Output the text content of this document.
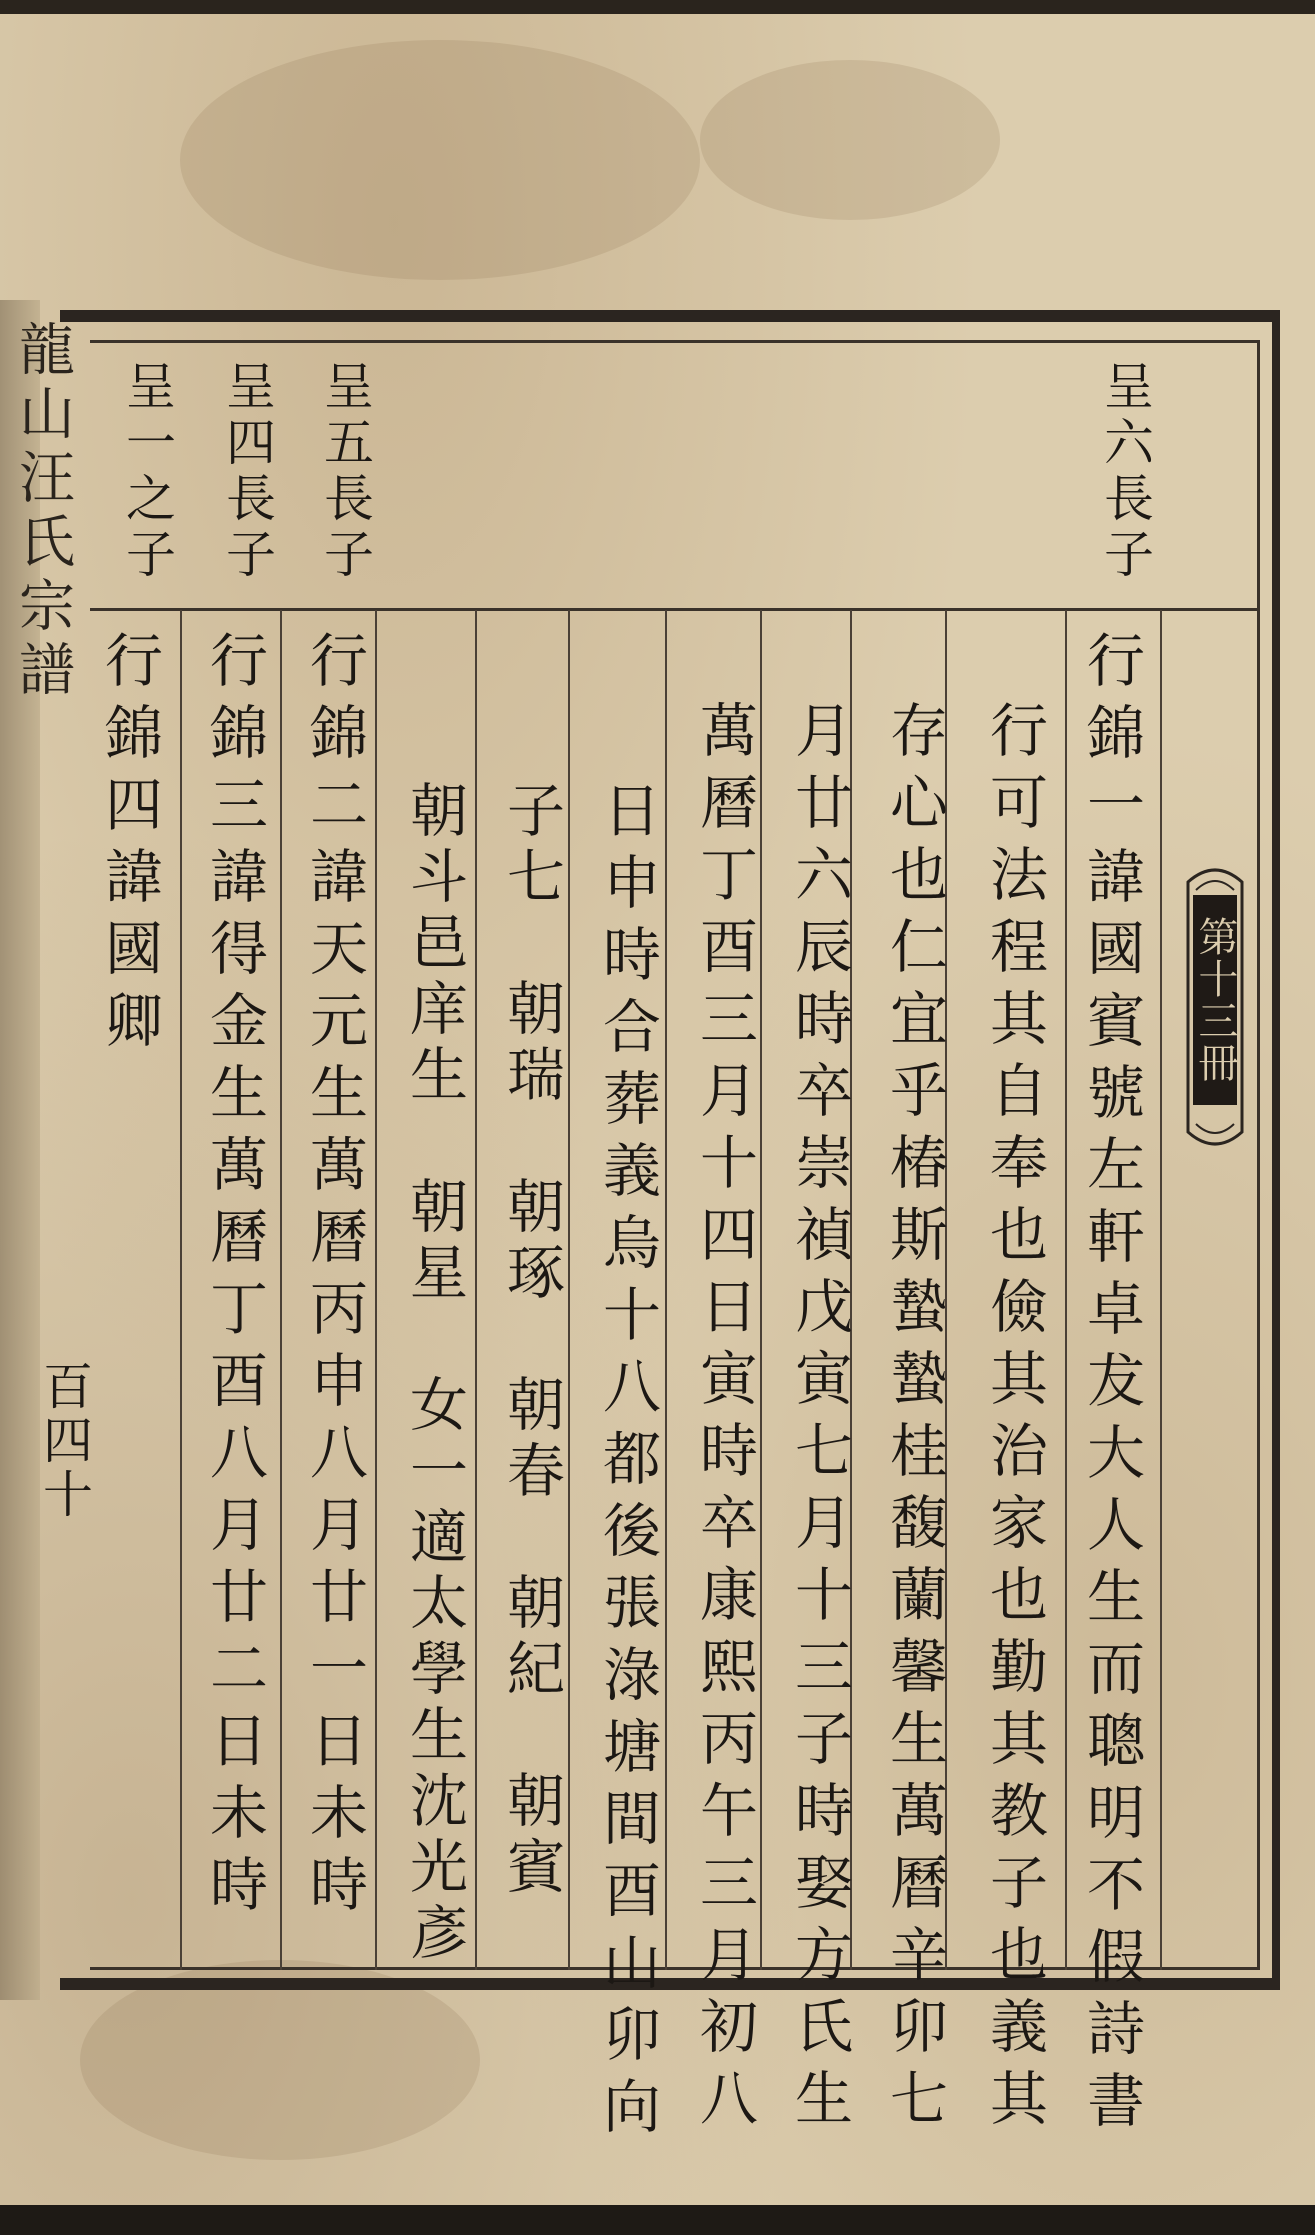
龍山汪氏宗譜	呈六長子
呈五長子
呈四長子
呈一之子
行錦一諱國賓號左軒卓犮大人生而聰明不假詩書
行可法程其自奉也儉其治家也勤其教子也義其
存心也仁宜乎椿斯蟄蟄桂馥蘭馨生萬曆辛卯七
月廿六辰時卒崇禎戊寅七月十三子時娶方氏生
萬曆丁酉三月十四日寅時卒康熙丙午三月初八
日申時合葬義烏十八都後張淥塘間酉山卯向
子七　朝瑞　朝琢　朝春　朝紀　朝賓
朝斗邑庠生　朝星　女一適太學生沈光彥
行錦二諱天元生萬曆丙申八月廿一日未時
行錦三諱得金生萬曆丁酉八月廿二日未時
行錦四諱國卿	第十三冊
百四十
